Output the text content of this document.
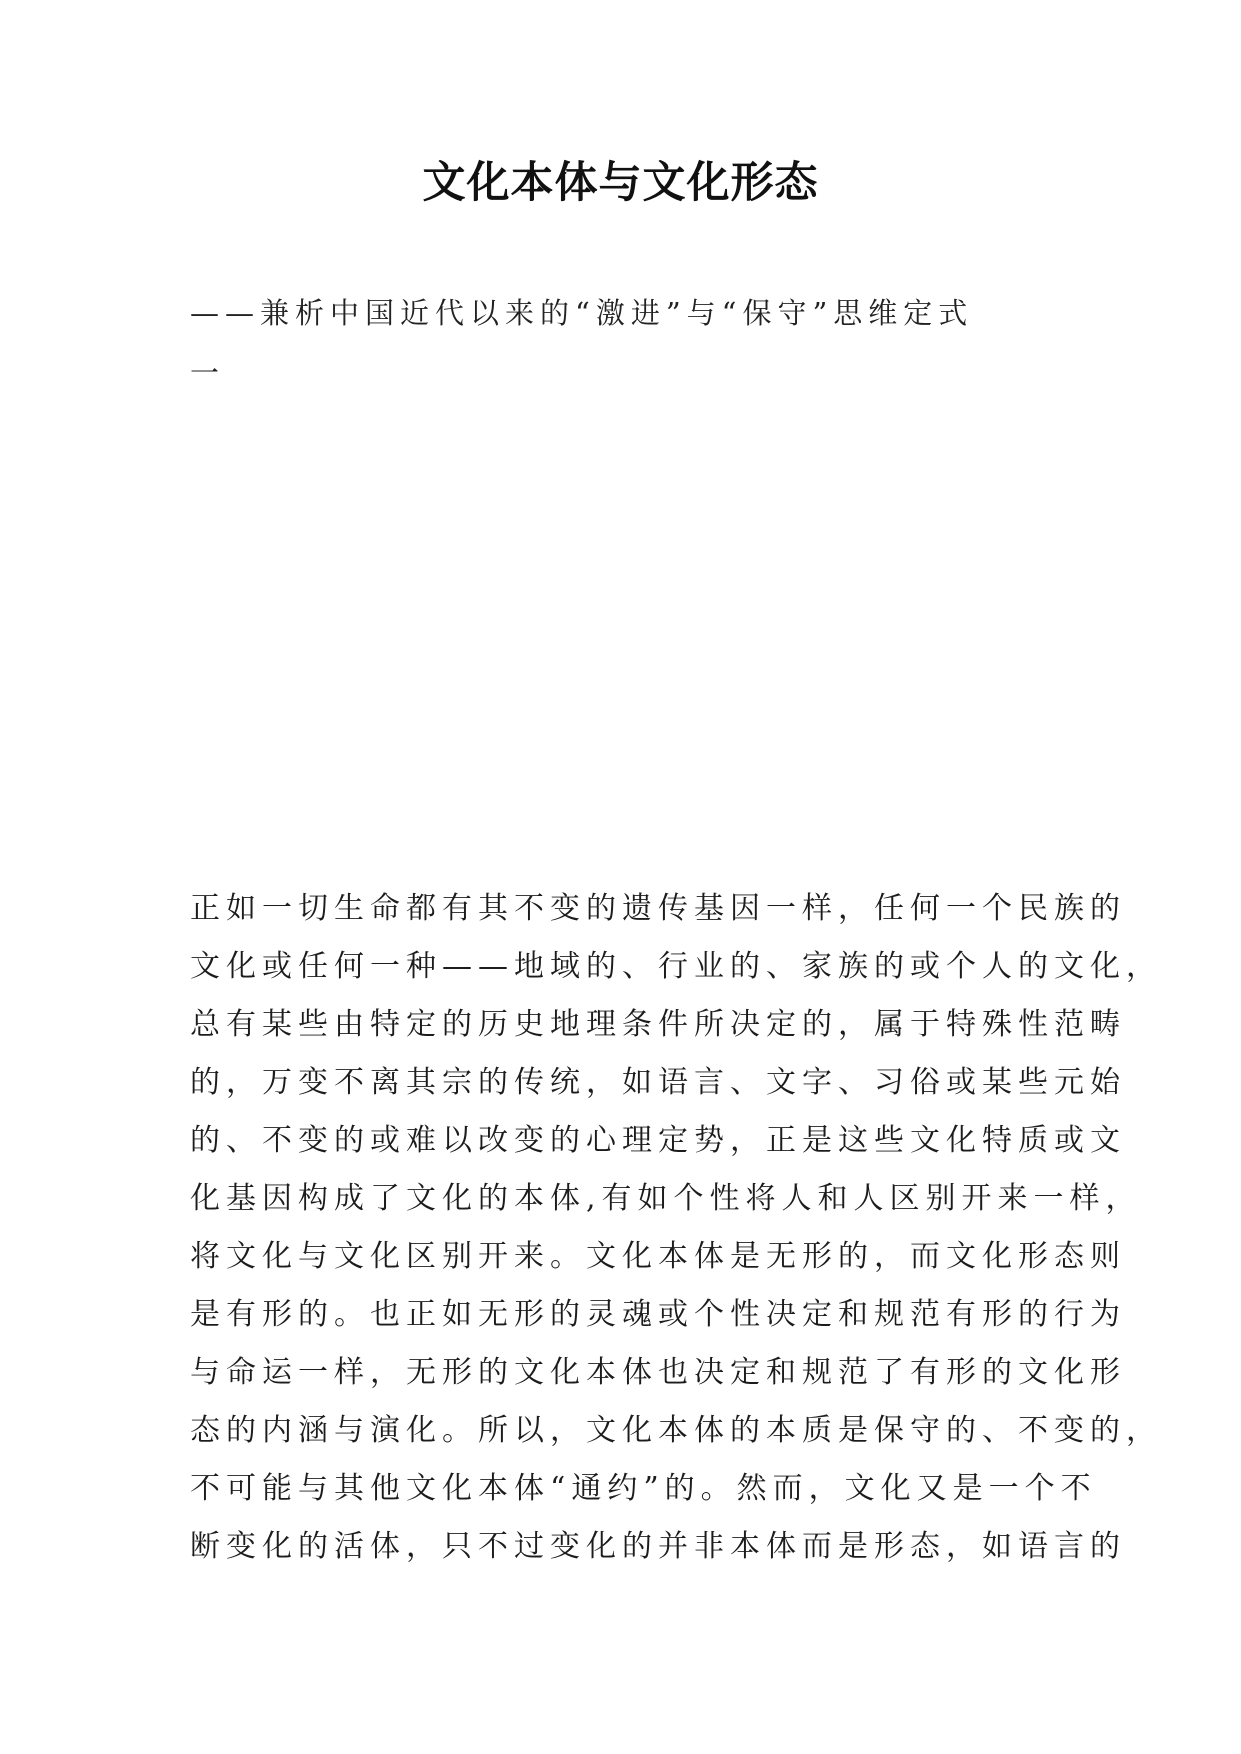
文化本体与文化形态
——兼析中国近代以来的“激进”与“保守”思维定式
一
正如一切生命都有其不变的遗传基因一样，任何一个民族的
文化或任何一种——地域的、行业的、家族的或个人的文化，
总有某些由特定的历史地理条件所决定的，属于特殊性范畴
的，万变不离其宗的传统，如语言、文字、习俗或某些元始
的、不变的或难以改变的心理定势，正是这些文化特质或文
化基因构成了文化的本体,有如个性将人和人区别开来一样，
将文化与文化区别开来。文化本体是无形的，而文化形态则
是有形的。也正如无形的灵魂或个性决定和规范有形的行为
与命运一样，无形的文化本体也决定和规范了有形的文化形
态的内涵与演化。所以，文化本体的本质是保守的、不变的，
不可能与其他文化本体“通约”的。然而，文化又是一个不
断变化的活体，只不过变化的并非本体而是形态，如语言的
